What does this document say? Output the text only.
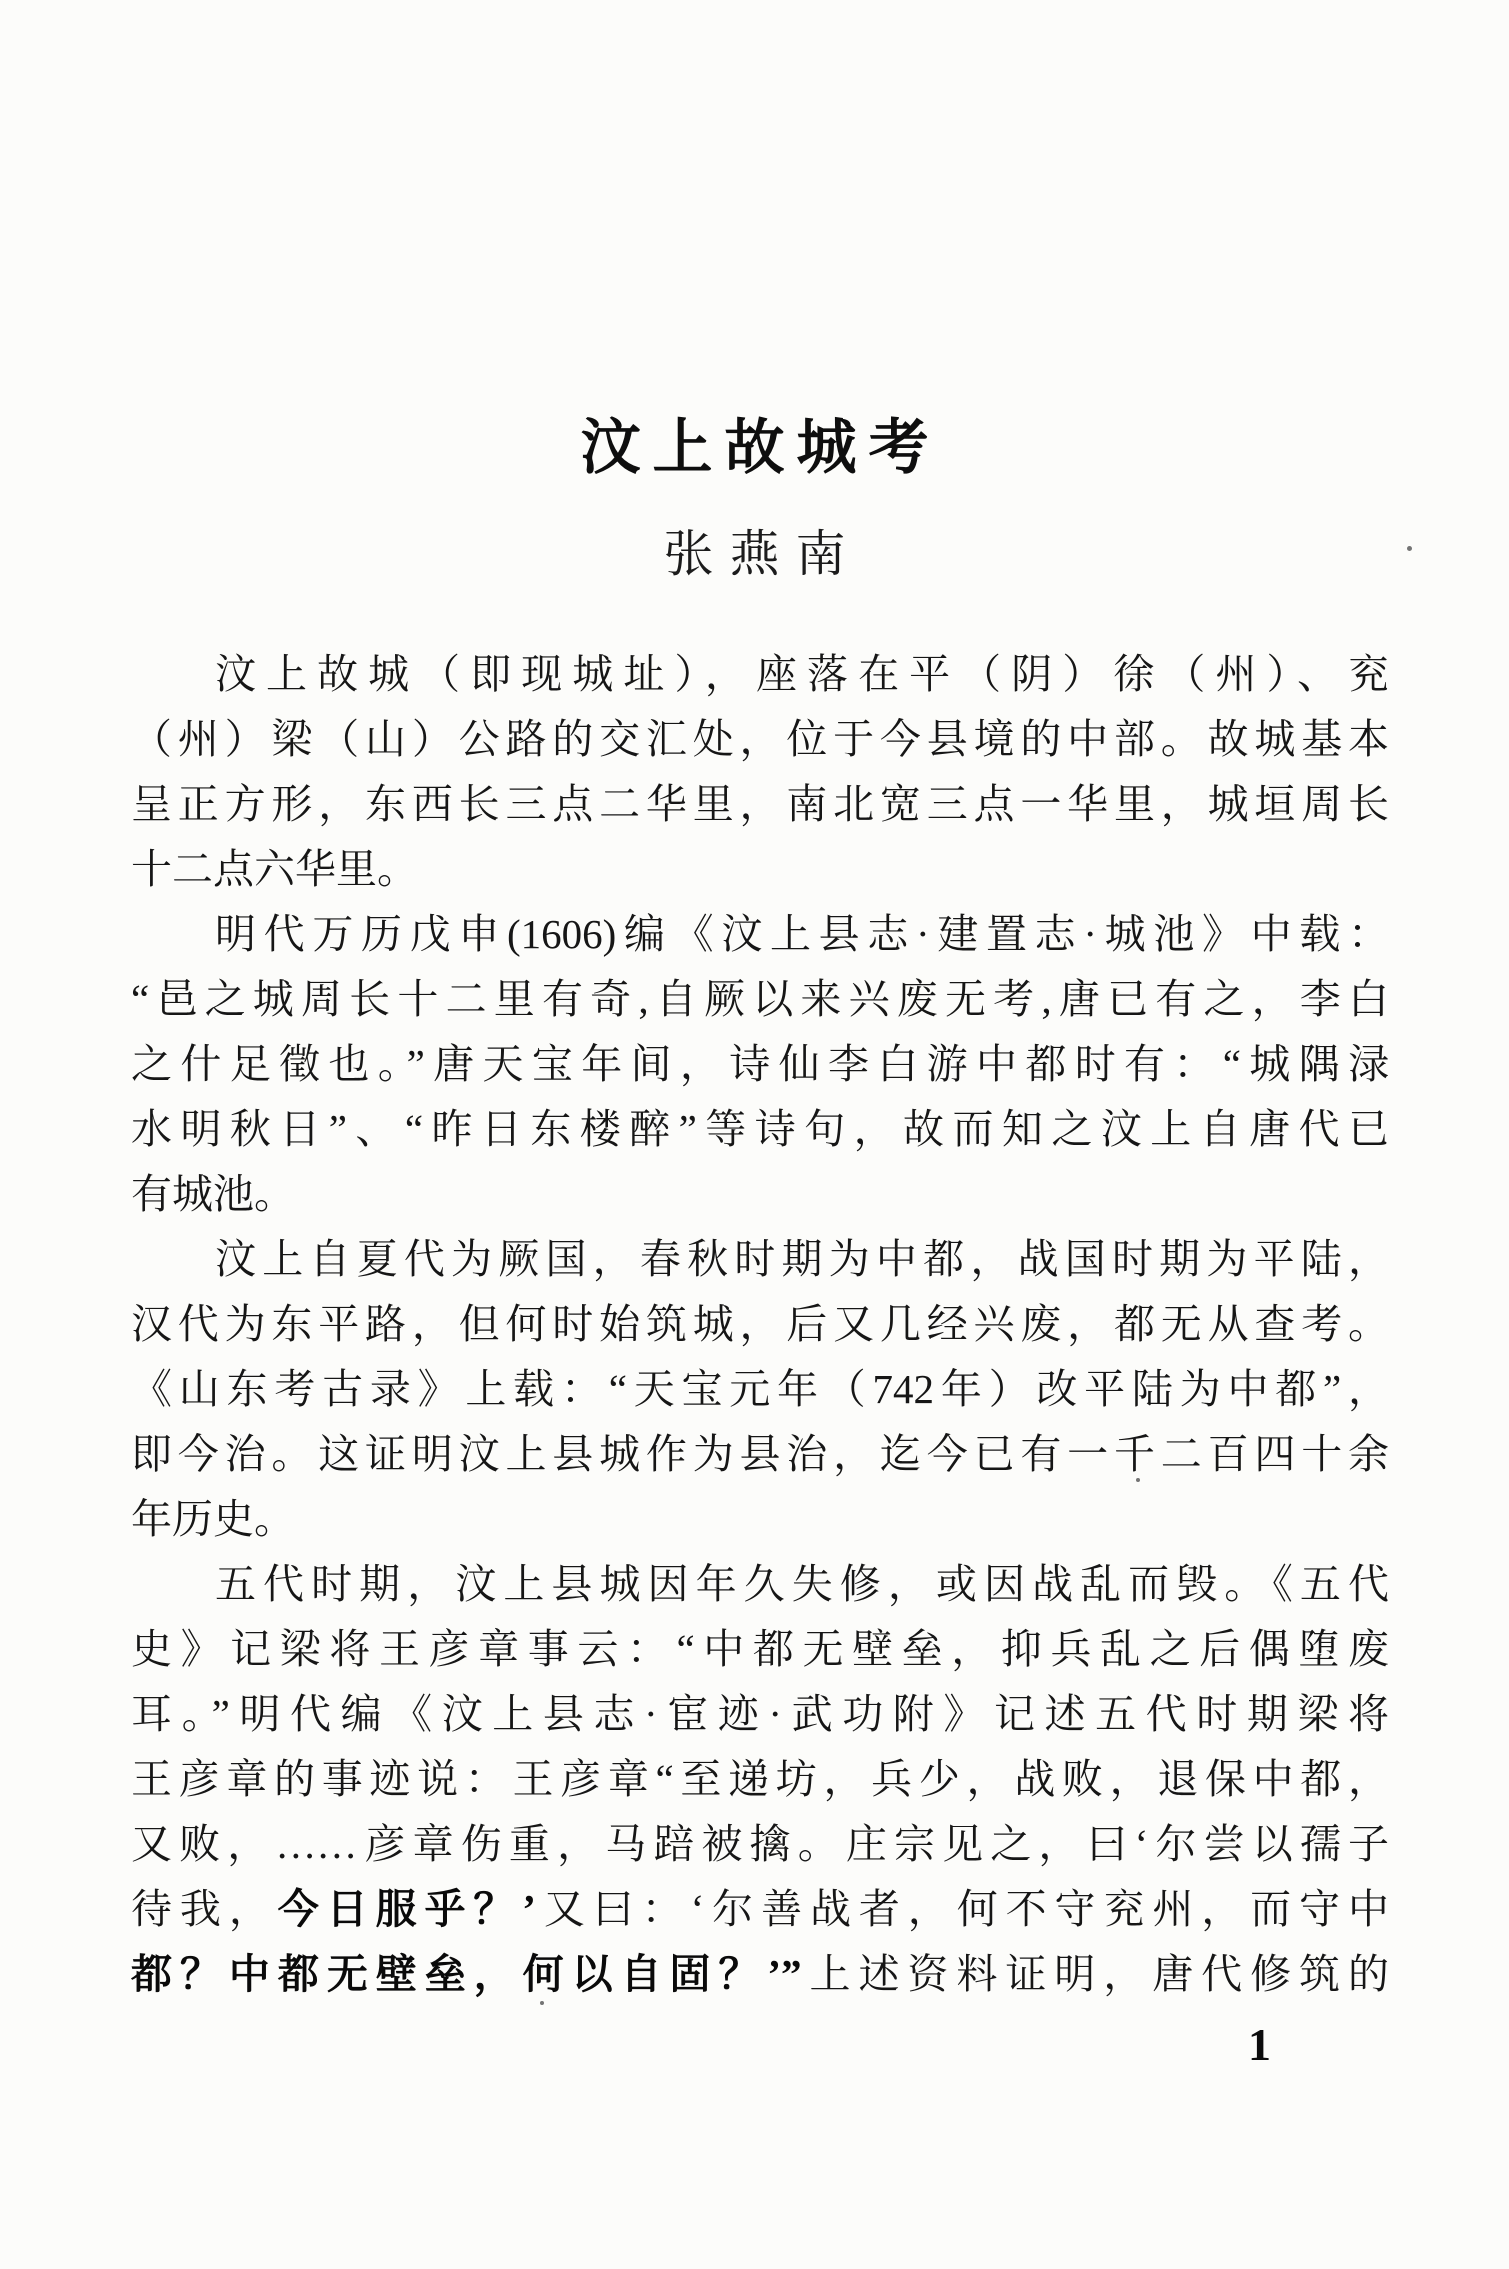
汶上故城考
张燕南
汶上故城（即现城址），座落在平（阴）徐（州）、兖
（州）梁（山）公路的交汇处，位于今县境的中部。故城基本
呈正方形，东西长三点二华里，南北宽三点一华里，城垣周长
十二点六华里。
明代万历戊申(1606)编《汶上县志·建置志·城池》中载：
“邑之城周长十二里有奇,自厥以来兴废无考,唐已有之，李白
之什足徵也。”唐天宝年间，诗仙李白游中都时有：“城隅渌
水明秋日”、“昨日东楼醉”等诗句，故而知之汶上自唐代已
有城池。
汶上自夏代为厥国，春秋时期为中都，战国时期为平陆，
汉代为东平路，但何时始筑城，后又几经兴废，都无从查考。
《山东考古录》上载：“天宝元年（742年）改平陆为中都”，
即今治。这证明汶上县城作为县治，迄今已有一千二百四十余
年历史。
五代时期，汶上县城因年久失修，或因战乱而毁。《五代
史》记梁将王彦章事云：“中都无壁垒，抑兵乱之后偶堕废
耳。”明代编《汶上县志·宦迹·武功附》记述五代时期梁将
王彦章的事迹说：王彦章“至递坊，兵少，战败，退保中都，
又败，……彦章伤重，马踣被擒。庄宗见之，曰‘尔尝以孺子
待我，今日服乎？’又曰：‘尔善战者，何不守兖州，而守中
都？中都无壁垒，何以自固？’”上述资料证明，唐代修筑的
1
